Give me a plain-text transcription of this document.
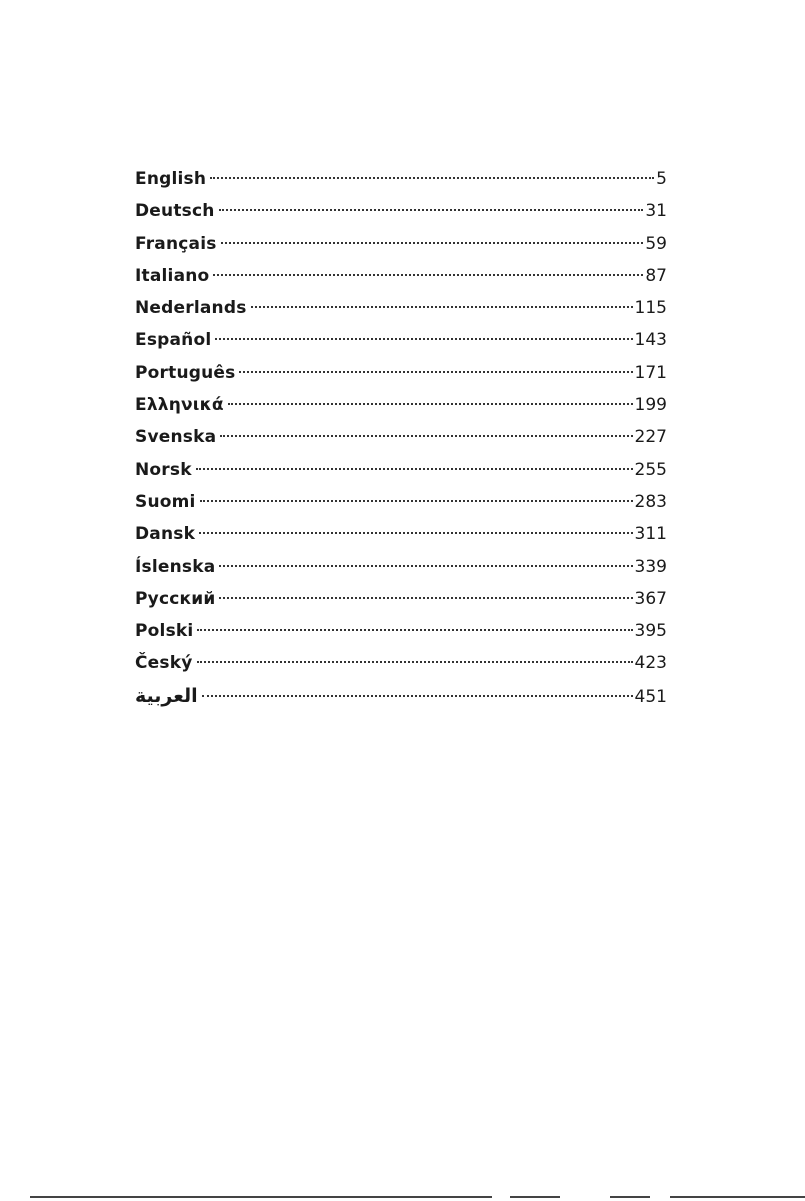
English	5
Deutsch	31
Français	59
Italiano	87
Nederlands	115
Español	143
Português	171
Ελληνικά	199
Svenska	227
Norsk	255
Suomi	283
Dansk	311
Íslenska	339
Русский	367
Polski	395
Český	423
العربية	451
